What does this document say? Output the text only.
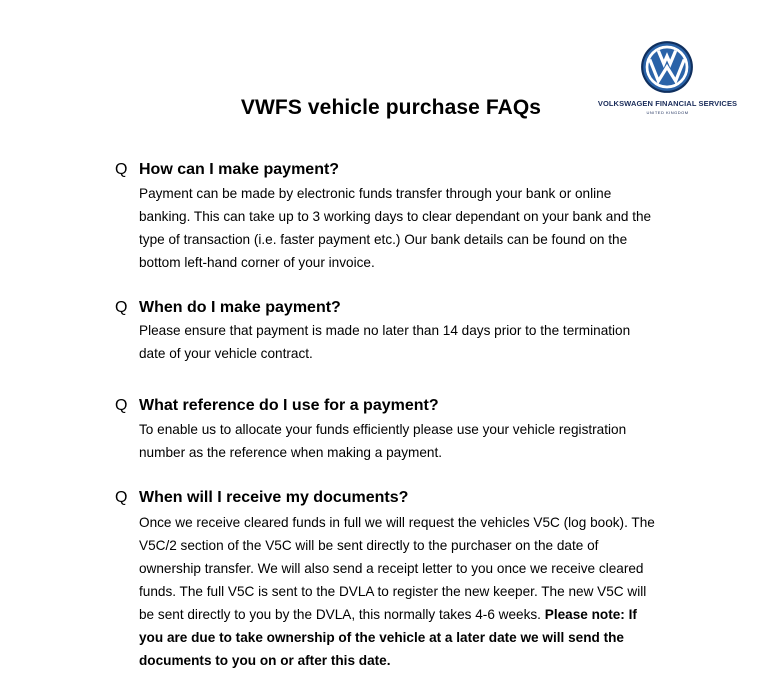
VOLKSWAGEN FINANCIAL SERVICES
UNITED KINGDOM
VWFS vehicle purchase FAQs
Q How can I make payment?
Payment can be made by electronic funds transfer through your bank or online
banking. This can take up to 3 working days to clear dependant on your bank and the
type of transaction (i.e. faster payment etc.) Our bank details can be found on the
bottom left-hand corner of your invoice.
Q When do I make payment?
Please ensure that payment is made no later than 14 days prior to the termination
date of your vehicle contract.
Q What reference do I use for a payment?
To enable us to allocate your funds efficiently please use your vehicle registration
number as the reference when making a payment.
Q When will I receive my documents?
Once we receive cleared funds in full we will request the vehicles V5C (log book). The
V5C/2 section of the V5C will be sent directly to the purchaser on the date of
ownership transfer. We will also send a receipt letter to you once we receive cleared
funds. The full V5C is sent to the DVLA to register the new keeper. The new V5C will
be sent directly to you by the DVLA, this normally takes 4-6 weeks. Please note: If
you are due to take ownership of the vehicle at a later date we will send the
documents to you on or after this date.
